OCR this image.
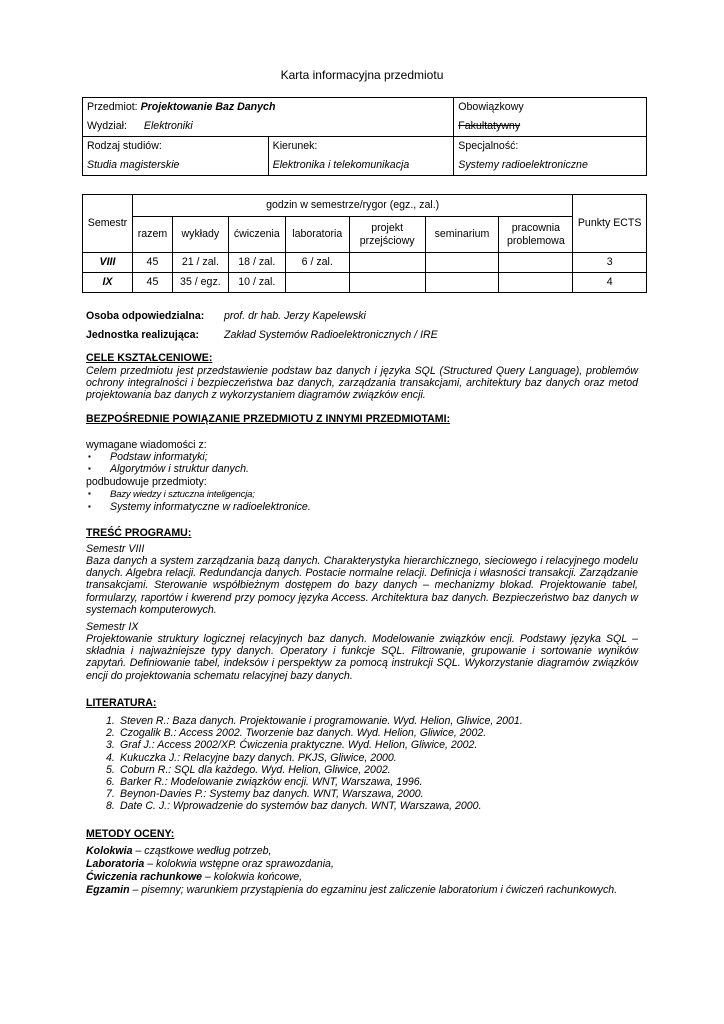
Karta informacyjna przedmiotu
Przedmiot: Projektowanie Baz Danych		Obowiązkowy
Wydział: Elektroniki		Fakultatywny
Rodzaj studiów:	Kierunek:	Specjalność:
Studia magisterskie	Elektronika i telekomunikacja	Systemy radioelektroniczne
Semestr	godzin w semestrze/rygor (egz., zal.)							Punkty ECTS
	razem	wykłady	ćwiczenia	laboratoria	projekt przejściowy	seminarium	pracownia problemowa	
VIII	45	21 / zal.	18 / zal.	6 / zal.				3
IX	45	35 / egz.	10 / zal.					4
Osoba odpowiedzialna: prof. dr hab. Jerzy Kapelewski
Jednostka realizująca: Zakład Systemów Radioelektronicznych / IRE
CELE KSZTAŁCENIOWE:
Celem przedmiotu jest przedstawienie podstaw baz danych i języka SQL (Structured Query Language), problemów ochrony integralności i bezpieczeństwa baz danych, zarządzania transakcjami, architektury baz danych oraz metod projektowania baz danych z wykorzystaniem diagramów związków encji.
BEZPOŚREDNIE POWIĄZANIE PRZEDMIOTU Z INNYMI PRZEDMIOTAMI:
wymagane wiadomości z:
▪ Podstaw informatyki;
▪ Algorytmów i struktur danych.
podbudowuje przedmioty:
▪ Bazy wiedzy i sztuczna inteligencja;
▪ Systemy informatyczne w radioelektronice.
TREŚĆ PROGRAMU:
Semestr VIII
Baza danych a system zarządzania bazą danych. Charakterystyka hierarchicznego, sieciowego i relacyjnego modelu danych. Algebra relacji. Redundancja danych. Postacie normalne relacji. Definicja i własności transakcji. Zarządzanie transakcjami. Sterowanie współbieżnym dostępem do bazy danych – mechanizmy blokad. Projektowanie tabel, formularzy, raportów i kwerend przy pomocy języka Access. Architektura baz danych. Bezpieczeństwo baz danych w systemach komputerowych.
Semestr IX
Projektowanie struktury logicznej relacyjnych baz danych. Modelowanie związków encji. Podstawy języka SQL – składnia i najważniejsze typy danych. Operatory i funkcje SQL. Filtrowanie, grupowanie i sortowanie wyników zapytań. Definiowanie tabel, indeksów i perspektyw za pomocą instrukcji SQL. Wykorzystanie diagramów związków encji do projektowania schematu relacyjnej bazy danych.
LITERATURA:
1. Steven R.: Baza danych. Projektowanie i programowanie. Wyd. Helion, Gliwice, 2001.
2. Czogalik B.: Access 2002. Tworzenie baz danych. Wyd. Helion, Gliwice, 2002.
3. Graf J.: Access 2002/XP. Ćwiczenia praktyczne. Wyd. Helion, Gliwice, 2002.
4. Kukuczka J.: Relacyjne bazy danych. PKJS, Gliwice, 2000.
5. Coburn R.: SQL dla każdego. Wyd. Helion, Gliwice, 2002.
6. Barker R.: Modelowanie związków encji. WNT, Warszawa, 1996.
7. Beynon-Davies P.: Systemy baz danych. WNT, Warszawa, 2000.
8. Date C. J.: Wprowadzenie do systemów baz danych. WNT, Warszawa, 2000.
METODY OCENY:
Kolokwia – cząstkowe według potrzeb,
Laboratoria – kolokwia wstępne oraz sprawozdania,
Ćwiczenia rachunkowe – kolokwia końcowe,
Egzamin – pisemny; warunkiem przystąpienia do egzaminu jest zaliczenie laboratorium i ćwiczeń rachunkowych.
